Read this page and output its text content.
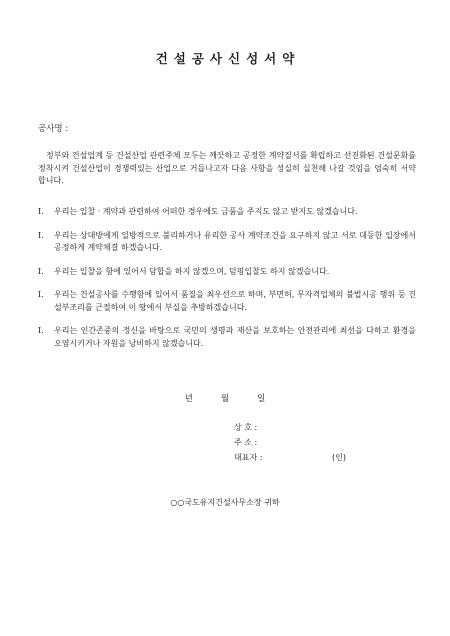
건설공사신성서약
공사명 :
정부와 건설업계 등 건설산업 관련주체 모두는 깨끗하고 공정한 계약질서를 확립하고 선진화된 건설문화를 정착시켜 건설산업이 경쟁력있는 산업으로 거듭나고자 다음 사항을 성실히 실천해 나갈 것임을 엄숙히 서약합니다.
Ⅰ. 우리는 입찰 · 계약과 관련하여 어떠한 경우에도 금품을 주지도 않고 받지도 않겠습니다.
Ⅰ. 우리는 상대방에게 일방적으로 불리하거나 유리한 공사 계약조건을 요구하지 않고 서로 대등한 입장에서 공정하게 계약체결 하겠습니다.
Ⅰ. 우리는 입찰을 함에 있어서 담합을 하지 않겠으며, 덤핑입찰도 하지 않겠습니다.
Ⅰ. 우리는 건설공사를 수행함에 있어서 품질을 최우선으로 하며, 부면허, 무자격업체의 불법시공 행위 등 건설부조리를 근절하여 이 땅에서 부실을 추방하겠습니다.
Ⅰ. 우리는 인간존중의 정신을 바탕으로 국민의 생명과 재산을 보호하는 안전관리에 최선을 다하고 환경을 오염시키거나 자원을 낭비하지 않겠습니다.
년	월	일
상 호 :
주 소 :
대표자 :	(인)
○○국도유지건설사무소장 귀하
